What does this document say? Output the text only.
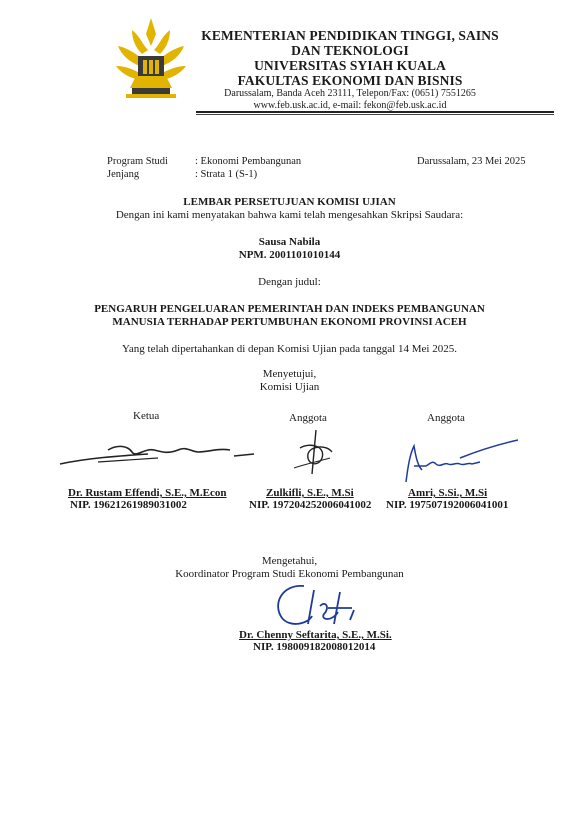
KEMENTERIAN PENDIDIKAN TINGGI, SAINS
DAN TEKNOLOGI
UNIVERSITAS SYIAH KUALA
FAKULTAS EKONOMI DAN BISNIS
Darussalam, Banda Aceh 23111, Telepon/Fax: (0651) 7551265
www.feb.usk.ac.id, e-mail: fekon@feb.usk.ac.id
Program Studi	: Ekonomi Pembangunan
Jenjang	: Strata 1 (S-1)
Darussalam, 23 Mei 2025
LEMBAR PERSETUJUAN KOMISI UJIAN
Dengan ini kami menyatakan bahwa kami telah mengesahkan Skripsi Saudara:
Sausa Nabila
NPM. 2001101010144
Dengan judul:
PENGARUH PENGELUARAN PEMERINTAH DAN INDEKS PEMBANGUNAN
MANUSIA TERHADAP PERTUMBUHAN EKONOMI PROVINSI ACEH
Yang telah dipertahankan di depan Komisi Ujian pada tanggal 14 Mei 2025.
Menyetujui,
Komisi Ujian
Ketua	Anggota	Anggota
Dr. Rustam Effendi, S.E., M.Econ
NIP. 19621261989031002
Zulkifli, S.E., M.Si
NIP. 197204252006041002
Amri, S.Si., M.Si
NIP. 197507192006041001
Mengetahui,
Koordinator Program Studi Ekonomi Pembangunan
Dr. Chenny Seftarita, S.E., M.Si.
NIP. 198009182008012014
